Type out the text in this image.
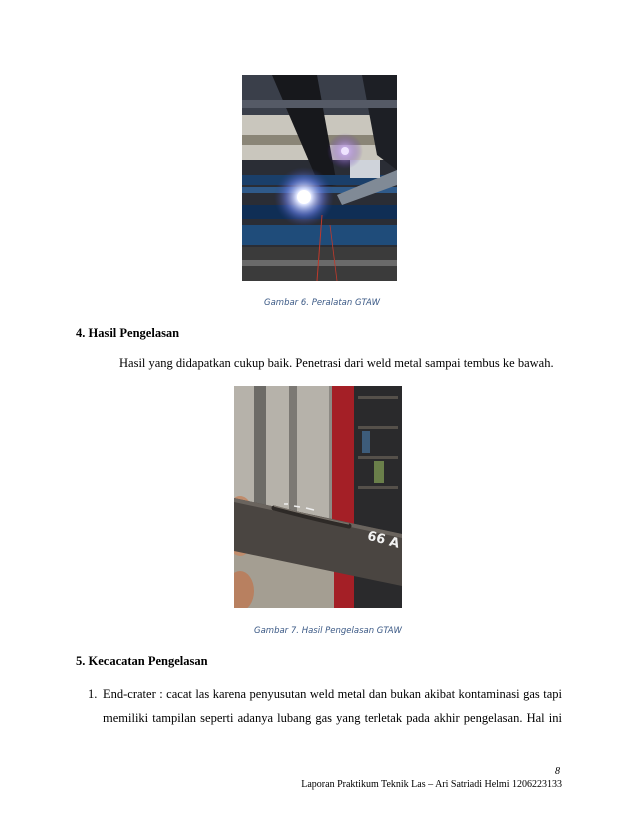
Gambar 6. Peralatan GTAW
4. Hasil Pengelasan
Hasil yang didapatkan cukup baik. Penetrasi dari weld metal sampai tembus ke bawah.
66 A
Gambar 7. Hasil Pengelasan GTAW
5. Kecacatan Pengelasan
1. End-crater : cacat las karena penyusutan weld metal dan bukan akibat kontaminasi gas tapi
memiliki tampilan seperti adanya lubang gas yang terletak pada akhir pengelasan. Hal ini
8
Laporan Praktikum Teknik Las – Ari Satriadi Helmi 1206223133
